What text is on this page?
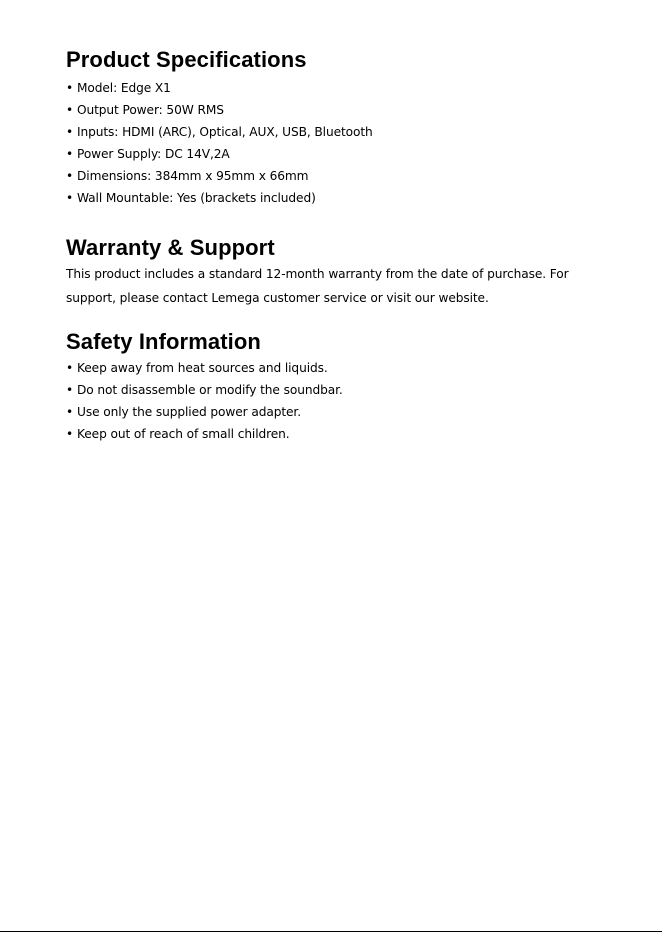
Product Specifications
• Model: Edge X1
• Output Power: 50W RMS
• Inputs: HDMI (ARC), Optical, AUX, USB, Bluetooth
• Power Supply: DC 14V,2A
• Dimensions: 384mm x 95mm x 66mm
• Wall Mountable: Yes (brackets included)
Warranty & Support

This product includes a standard 12-month warranty from the date of purchase. For support, please contact Lemega customer service or visit our website.

Safety Information
• Keep away from heat sources and liquids.
• Do not disassemble or modify the soundbar.
• Use only the supplied power adapter.
• Keep out of reach of small children.
